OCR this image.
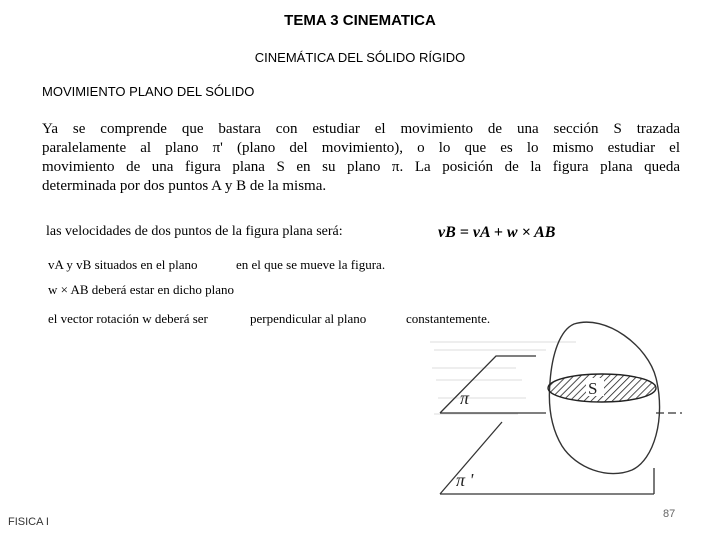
TEMA 3 CINEMATICA
CINEMÁTICA DEL SÓLIDO RÍGIDO
MOVIMIENTO PLANO DEL SÓLIDO
Ya se comprende que bastara con estudiar el movimiento de una sección S trazada
paralelamente al plano π' (plano del movimiento), o lo que es lo mismo estudiar el
movimiento de una figura plana S en su plano π. La posición de la figura plana queda
determinada por dos puntos A y B de la misma.
las velocidades de dos puntos de la figura plana será:	vB = vA + w × AB
vA y vB situados en el plano	en el que se mueve la figura.
w × AB deberá estar en dicho plano
el vector rotación w deberá ser	perpendicular al plano	constantemente.
S
π
π '
FISICA I
87
